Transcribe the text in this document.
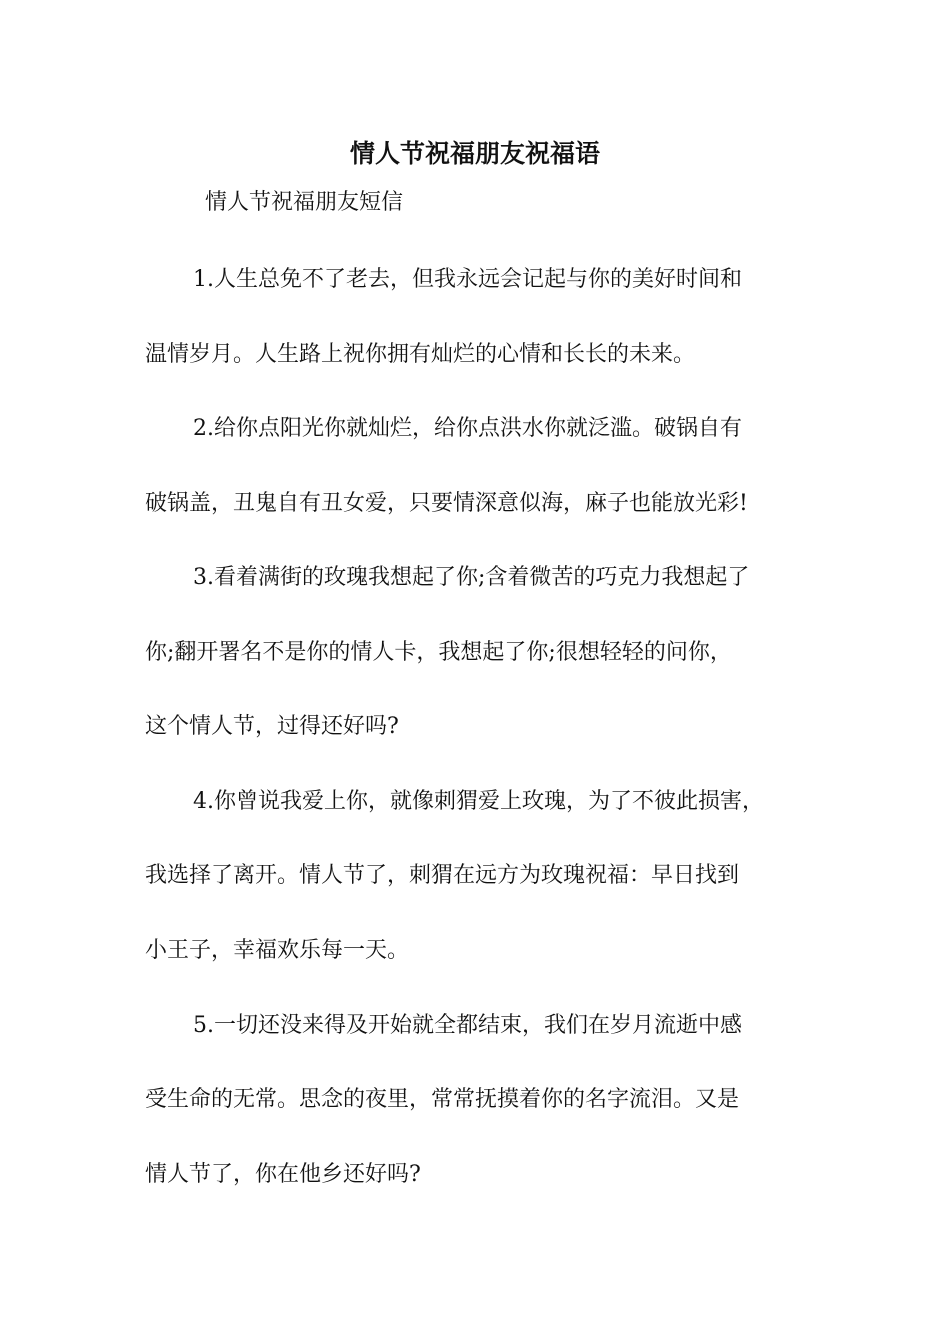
情人节祝福朋友祝福语
情人节祝福朋友短信
1.人生总免不了老去，但我永远会记起与你的美好时间和
温情岁月。人生路上祝你拥有灿烂的心情和长长的未来。
2.给你点阳光你就灿烂，给你点洪水你就泛滥。破锅自有
破锅盖，丑鬼自有丑女爱，只要情深意似海，麻子也能放光彩!
3.看着满街的玫瑰我想起了你;含着微苦的巧克力我想起了
你;翻开署名不是你的情人卡，我想起了你;很想轻轻的问你，
这个情人节，过得还好吗?
4.你曾说我爱上你，就像刺猬爱上玫瑰，为了不彼此损害，
我选择了离开。情人节了，刺猬在远方为玫瑰祝福：早日找到
小王子，幸福欢乐每一天。
5.一切还没来得及开始就全都结束，我们在岁月流逝中感
受生命的无常。思念的夜里，常常抚摸着你的名字流泪。又是
情人节了，你在他乡还好吗?
